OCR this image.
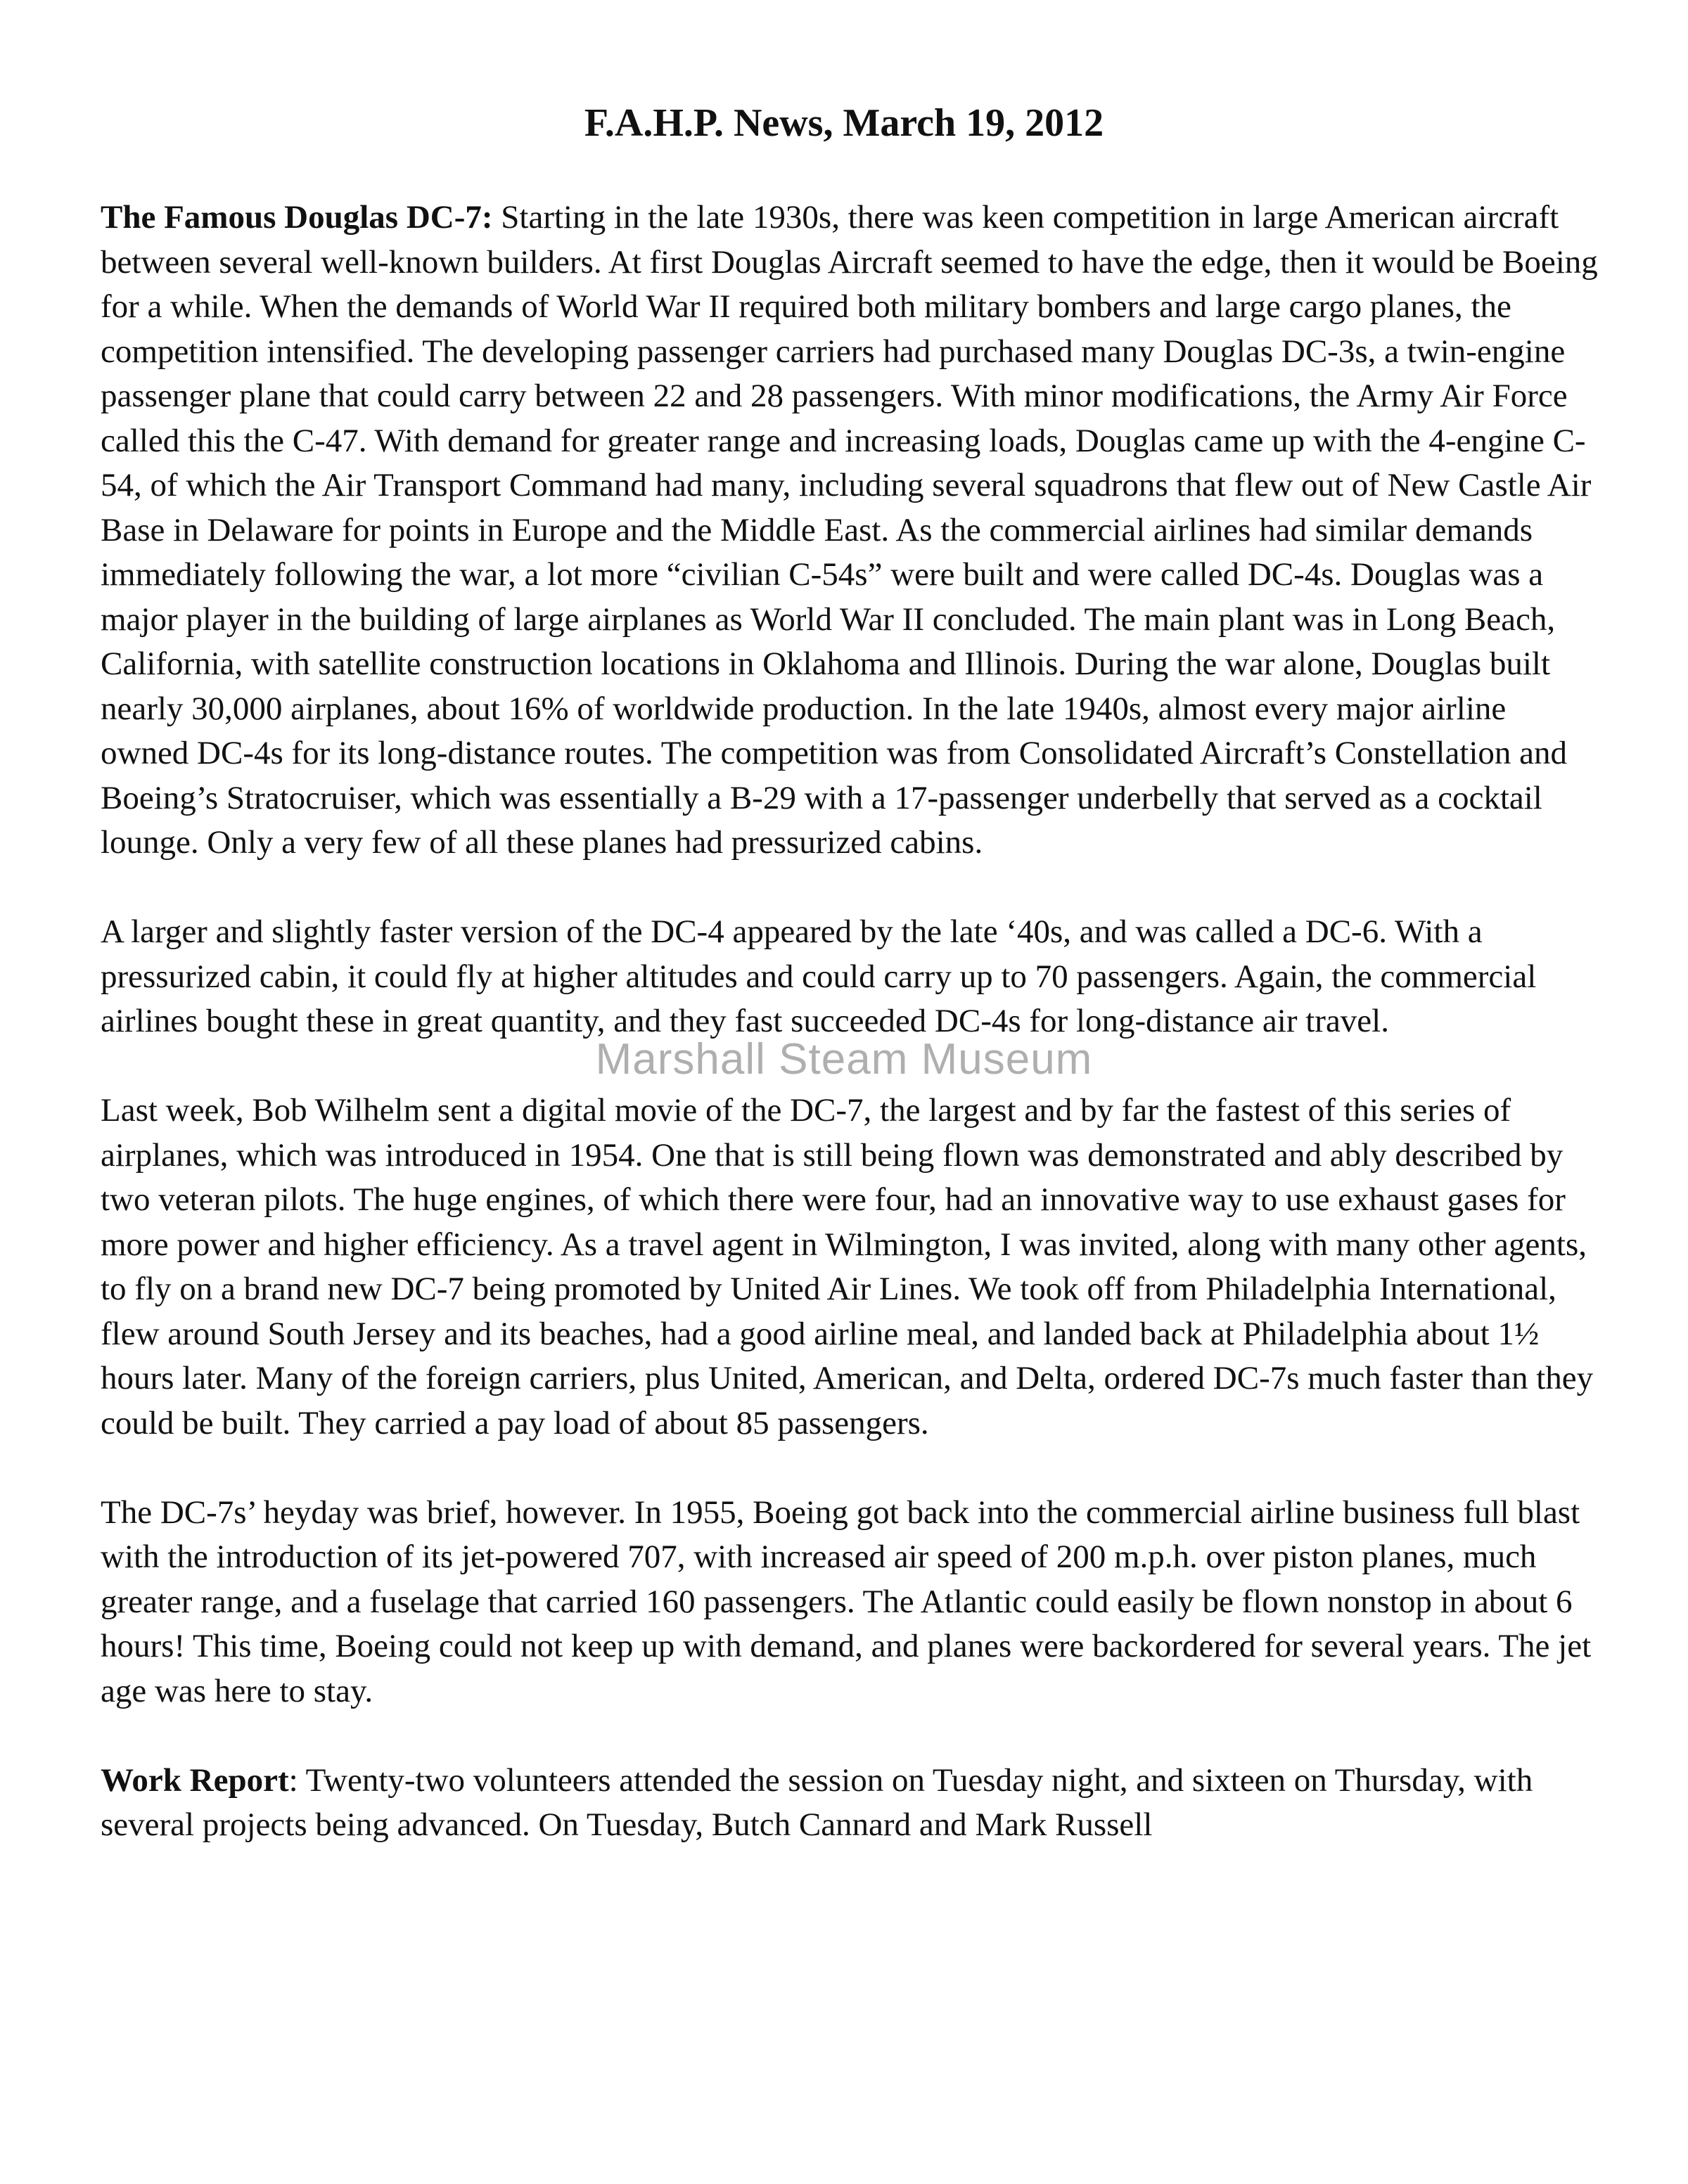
F.A.H.P. News, March 19, 2012

The Famous Douglas DC-7: Starting in the late 1930s, there was keen competition in large American aircraft between several well-known builders. At first Douglas Aircraft seemed to have the edge, then it would be Boeing for a while. When the demands of World War II required both military bombers and large cargo planes, the competition intensified. The developing passenger carriers had purchased many Douglas DC-3s, a twin-engine passenger plane that could carry between 22 and 28 passengers. With minor modifications, the Army Air Force called this the C-47. With demand for greater range and increasing loads, Douglas came up with the 4-engine C-54, of which the Air Transport Command had many, including several squadrons that flew out of New Castle Air Base in Delaware for points in Europe and the Middle East. As the commercial airlines had similar demands immediately following the war, a lot more “civilian C-54s” were built and were called DC-4s. Douglas was a major player in the building of large airplanes as World War II concluded. The main plant was in Long Beach, California, with satellite construction locations in Oklahoma and Illinois. During the war alone, Douglas built nearly 30,000 airplanes, about 16% of worldwide production. In the late 1940s, almost every major airline owned DC-4s for its long-distance routes. The competition was from Consolidated Aircraft’s Constellation and Boeing’s Stratocruiser, which was essentially a B-29 with a 17-passenger underbelly that served as a cocktail lounge. Only a very few of all these planes had pressurized cabins.

A larger and slightly faster version of the DC-4 appeared by the late ‘40s, and was called a DC-6. With a pressurized cabin, it could fly at higher altitudes and could carry up to 70 passengers. Again, the commercial airlines bought these in great quantity, and they fast succeeded DC-4s for long-distance air travel.

Last week, Bob Wilhelm sent a digital movie of the DC-7, the largest and by far the fastest of this series of airplanes, which was introduced in 1954. One that is still being flown was demonstrated and ably described by two veteran pilots. The huge engines, of which there were four, had an innovative way to use exhaust gases for more power and higher efficiency. As a travel agent in Wilmington, I was invited, along with many other agents, to fly on a brand new DC-7 being promoted by United Air Lines. We took off from Philadelphia International, flew around South Jersey and its beaches, had a good airline meal, and landed back at Philadelphia about 1½ hours later. Many of the foreign carriers, plus United, American, and Delta, ordered DC-7s much faster than they could be built. They carried a pay load of about 85 passengers.

The DC-7s’ heyday was brief, however. In 1955, Boeing got back into the commercial airline business full blast with the introduction of its jet-powered 707, with increased air speed of 200 m.p.h. over piston planes, much greater range, and a fuselage that carried 160 passengers. The Atlantic could easily be flown nonstop in about 6 hours! This time, Boeing could not keep up with demand, and planes were backordered for several years. The jet age was here to stay.

Work Report: Twenty-two volunteers attended the session on Tuesday night, and sixteen on Thursday, with several projects being advanced. On Tuesday, Butch Cannard and Mark Russell

Marshall Steam Museum
